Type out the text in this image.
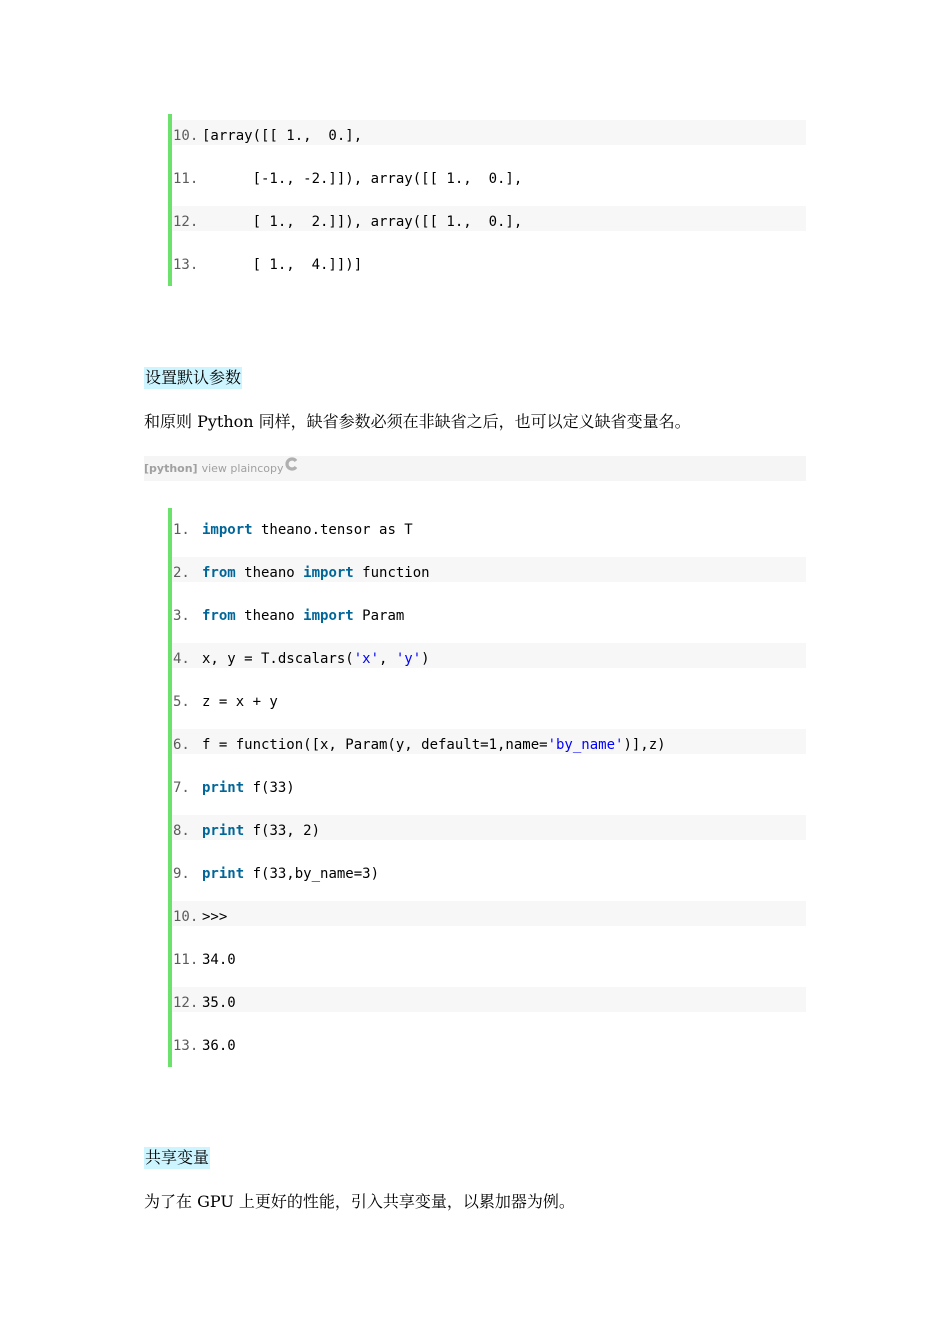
10. [array([[ 1.,  0.],
11. [-1., -2.]]), array([[ 1.,  0.],
12. [ 1.,  2.]]), array([[ 1.,  0.],
13. [ 1.,  4.]])]
设置默认参数
和原则 Python 同样，缺省参数必须在非缺省之后，也可以定义缺省变量名。
[python] view plain copy
1. import theano.tensor as T
2. from theano import function
3. from theano import Param
4. x, y = T.dscalars( 'x' , 'y' )
5. z = x + y
6. f = function([x, Param(y, default=1,name= 'by_name' )],z)
7. print f(33)
8. print f(33, 2)
9. print f(33,by_name=3)
10. >>>
11. 34.0
12. 35.0
13. 36.0
共享变量
为了在 GPU 上更好的性能，引入共享变量，以累加器为例。
